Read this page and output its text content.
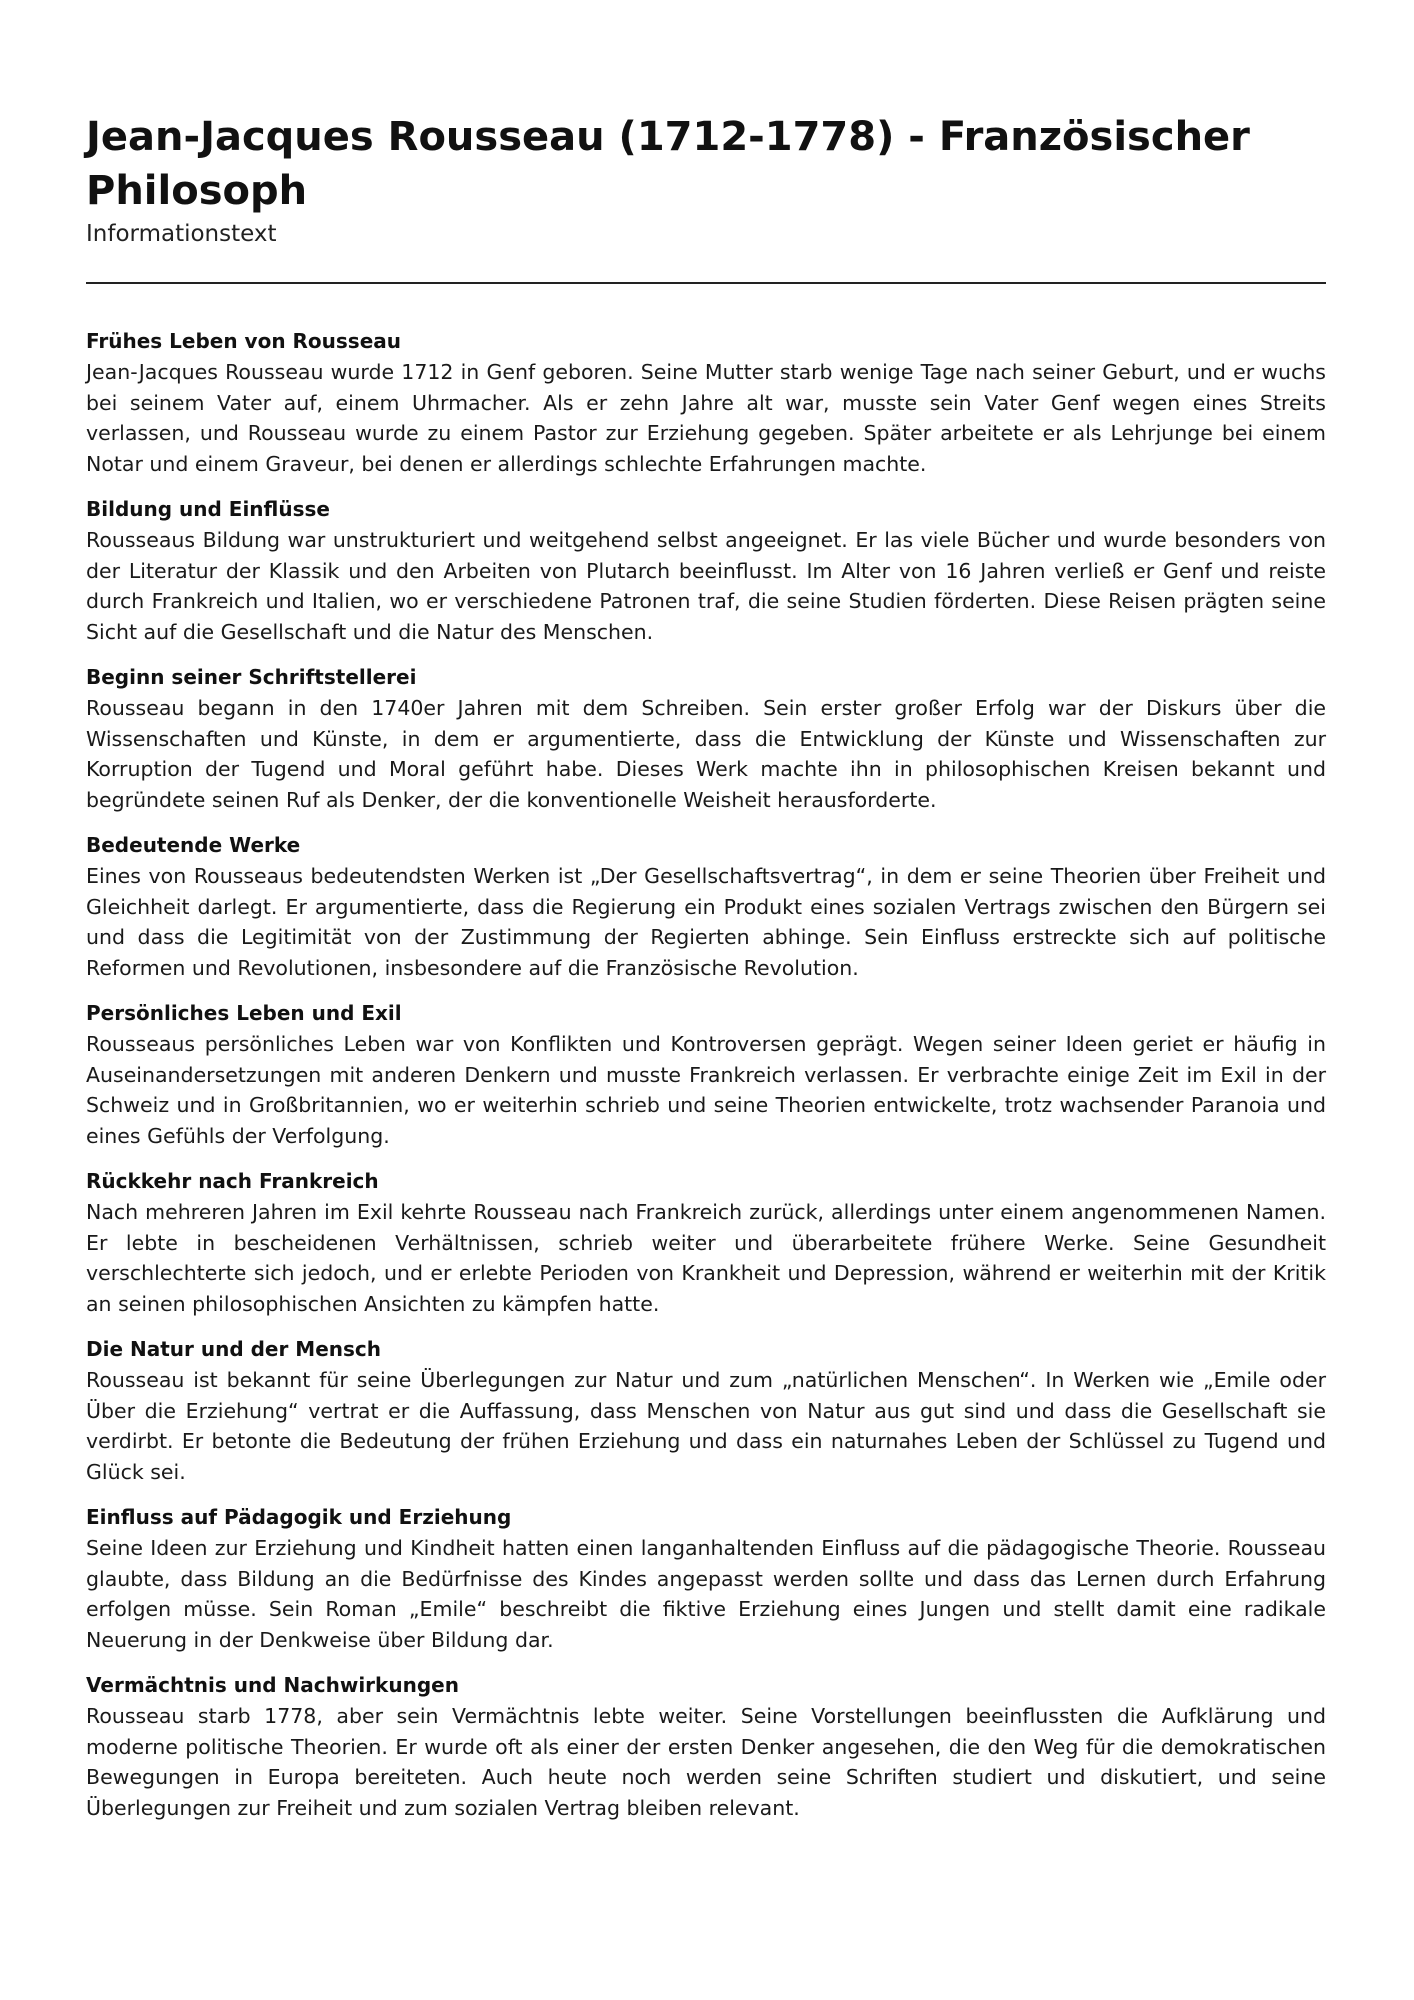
Jean-Jacques Rousseau (1712-1778) - Französischer Philosoph
Informationstext
Frühes Leben von Rousseau

Jean-Jacques Rousseau wurde 1712 in Genf geboren. Seine Mutter starb wenige Tage nach seiner Geburt, und er wuchs bei seinem Vater auf, einem Uhrmacher. Als er zehn Jahre alt war, musste sein Vater Genf wegen eines Streits verlassen, und Rousseau wurde zu einem Pastor zur Erziehung gegeben. Später arbeitete er als Lehrjunge bei einem Notar und einem Graveur, bei denen er allerdings schlechte Erfahrungen machte.

Bildung und Einflüsse

Rousseaus Bildung war unstrukturiert und weitgehend selbst angeeignet. Er las viele Bücher und wurde besonders von der Literatur der Klassik und den Arbeiten von Plutarch beeinflusst. Im Alter von 16 Jahren verließ er Genf und reiste durch Frankreich und Italien, wo er verschiedene Patronen traf, die seine Studien förderten. Diese Reisen prägten seine Sicht auf die Gesellschaft und die Natur des Menschen.

Beginn seiner Schriftstellerei

Rousseau begann in den 1740er Jahren mit dem Schreiben. Sein erster großer Erfolg war der Diskurs über die Wissenschaften und Künste, in dem er argumentierte, dass die Entwicklung der Künste und Wissenschaften zur Korruption der Tugend und Moral geführt habe. Dieses Werk machte ihn in philosophischen Kreisen bekannt und begründete seinen Ruf als Denker, der die konventionelle Weisheit herausforderte.

Bedeutende Werke

Eines von Rousseaus bedeutendsten Werken ist „Der Gesellschaftsvertrag“, in dem er seine Theorien über Freiheit und Gleichheit darlegt. Er argumentierte, dass die Regierung ein Produkt eines sozialen Vertrags zwischen den Bürgern sei und dass die Legitimität von der Zustimmung der Regierten abhinge. Sein Einfluss erstreckte sich auf politische Reformen und Revolutionen, insbesondere auf die Französische Revolution.

Persönliches Leben und Exil

Rousseaus persönliches Leben war von Konflikten und Kontroversen geprägt. Wegen seiner Ideen geriet er häufig in Auseinandersetzungen mit anderen Denkern und musste Frankreich verlassen. Er verbrachte einige Zeit im Exil in der Schweiz und in Großbritannien, wo er weiterhin schrieb und seine Theorien entwickelte, trotz wachsender Paranoia und eines Gefühls der Verfolgung.

Rückkehr nach Frankreich

Nach mehreren Jahren im Exil kehrte Rousseau nach Frankreich zurück, allerdings unter einem angenommenen Namen. Er lebte in bescheidenen Verhältnissen, schrieb weiter und überarbeitete frühere Werke. Seine Gesundheit verschlechterte sich jedoch, und er erlebte Perioden von Krankheit und Depression, während er weiterhin mit der Kritik an seinen philosophischen Ansichten zu kämpfen hatte.

Die Natur und der Mensch

Rousseau ist bekannt für seine Überlegungen zur Natur und zum „natürlichen Menschen“. In Werken wie „Emile oder Über die Erziehung“ vertrat er die Auffassung, dass Menschen von Natur aus gut sind und dass die Gesellschaft sie verdirbt. Er betonte die Bedeutung der frühen Erziehung und dass ein naturnahes Leben der Schlüssel zu Tugend und Glück sei.

Einfluss auf Pädagogik und Erziehung

Seine Ideen zur Erziehung und Kindheit hatten einen langanhaltenden Einfluss auf die pädagogische Theorie. Rousseau glaubte, dass Bildung an die Bedürfnisse des Kindes angepasst werden sollte und dass das Lernen durch Erfahrung erfolgen müsse. Sein Roman „Emile“ beschreibt die fiktive Erziehung eines Jungen und stellt damit eine radikale Neuerung in der Denkweise über Bildung dar.

Vermächtnis und Nachwirkungen

Rousseau starb 1778, aber sein Vermächtnis lebte weiter. Seine Vorstellungen beeinflussten die Aufklärung und moderne politische Theorien. Er wurde oft als einer der ersten Denker angesehen, die den Weg für die demokratischen Bewegungen in Europa bereiteten. Auch heute noch werden seine Schriften studiert und diskutiert, und seine Überlegungen zur Freiheit und zum sozialen Vertrag bleiben relevant.
